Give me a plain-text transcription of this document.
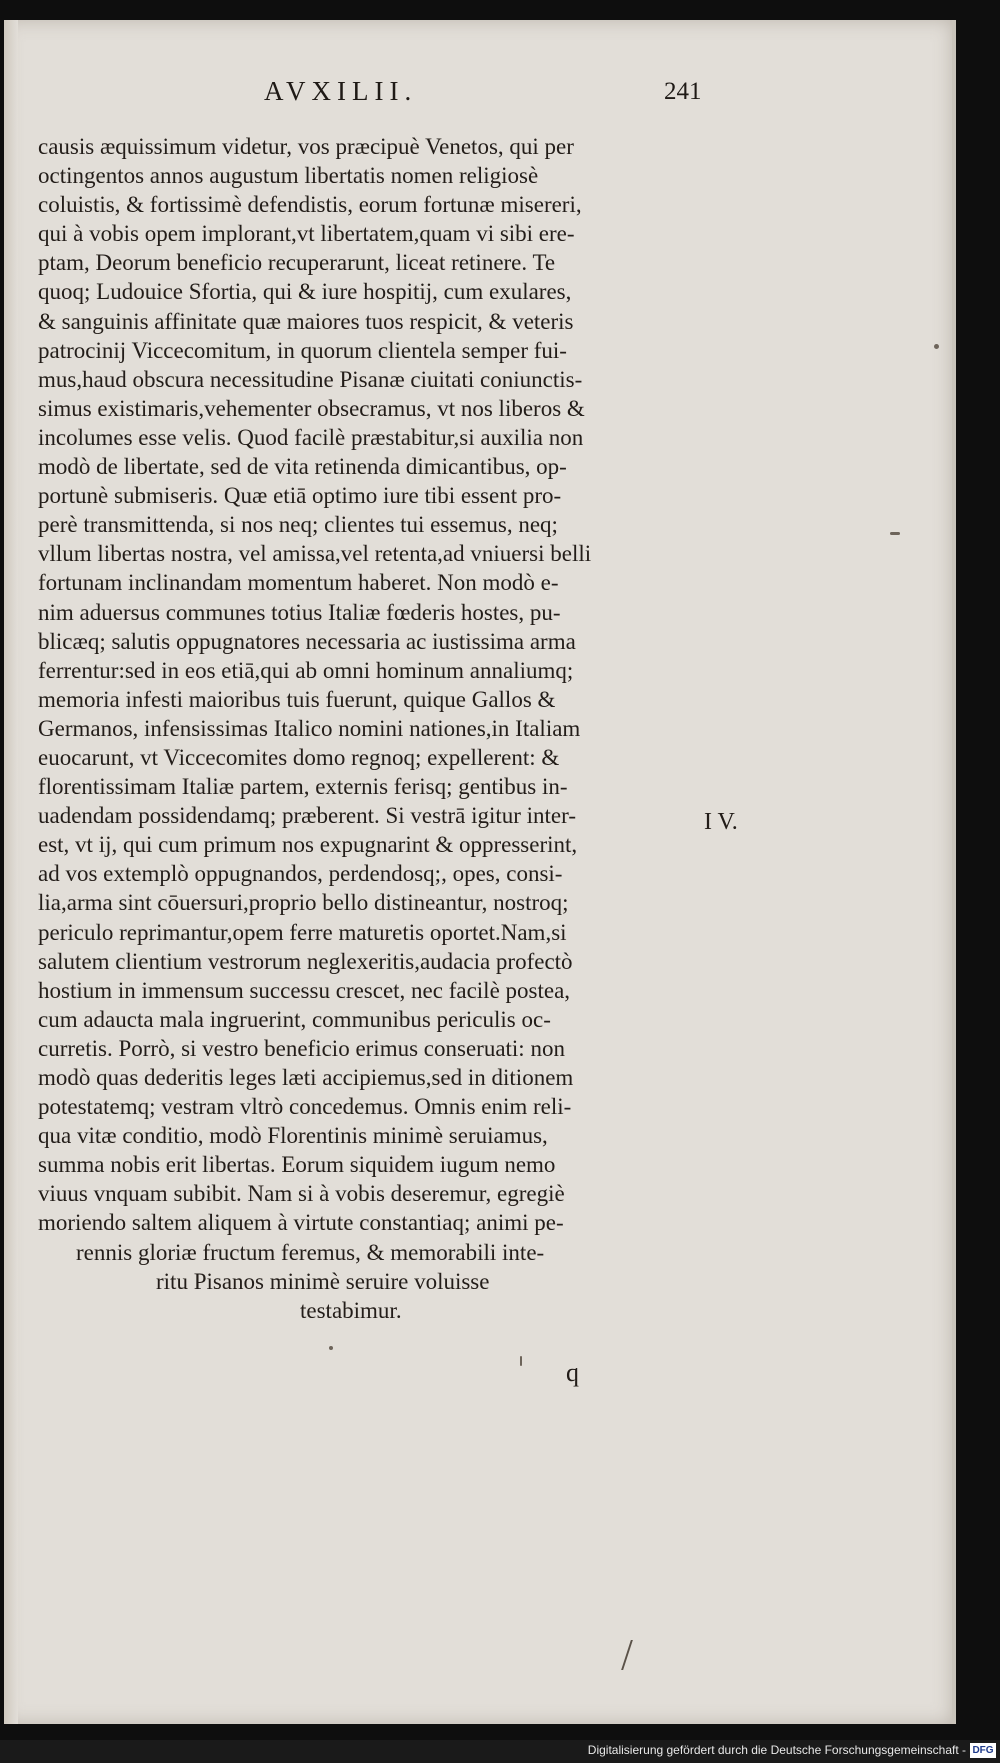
AVXILII.	241
causis æquissimum videtur, vos præcipuè Venetos, qui per
octingentos annos augustum libertatis nomen religiosè
coluistis, & fortissimè defendistis, eorum fortunæ misereri,
qui à vobis opem implorant,vt libertatem,quam vi sibi ere-
ptam, Deorum beneficio recuperarunt, liceat retinere. Te
quoq; Ludouice Sfortia, qui & iure hospitij, cum exulares,
& sanguinis affinitate quæ maiores tuos respicit, & veteris
patrocinij Viccecomitum, in quorum clientela semper fui-
mus,haud obscura necessitudine Pisanæ ciuitati coniunctis-
simus existimaris,vehementer obsecramus, vt nos liberos &
incolumes esse velis. Quod facilè præstabitur,si auxilia non
modò de libertate, sed de vita retinenda dimicantibus, op-
portunè submiseris. Quæ etiā optimo iure tibi essent pro-
perè transmittenda, si nos neq; clientes tui essemus, neq;
vllum libertas nostra, vel amissa,vel retenta,ad vniuersi belli
fortunam inclinandam momentum haberet. Non modò e-
nim aduersus communes totius Italiæ fœderis hostes, pu-
blicæq; salutis oppugnatores necessaria ac iustissima arma
ferrentur:sed in eos etiā,qui ab omni hominum annaliumq;
memoria infesti maioribus tuis fuerunt, quique Gallos &
Germanos, infensissimas Italico nomini nationes,in Italiam
euocarunt, vt Viccecomites domo regnoq; expellerent: &
florentissimam Italiæ partem, externis ferisq; gentibus in-
uadendam possidendamq; præberent. Si vestrā igitur inter-
est, vt ij, qui cum primum nos expugnarint & oppresserint,
ad vos extemplò oppugnandos, perdendosq;, opes, consi-
lia,arma sint cōuersuri,proprio bello distineantur, nostroq;
periculo reprimantur,opem ferre maturetis oportet.Nam,si
salutem clientium vestrorum neglexeritis,audacia profectò
hostium in immensum successu crescet, nec facilè postea,
cum adaucta mala ingruerint, communibus periculis oc-
curretis. Porrò, si vestro beneficio erimus conseruati: non
modò quas dederitis leges læti accipiemus,sed in ditionem
potestatemq; vestram vltrò concedemus. Omnis enim reli-
qua vitæ conditio, modò Florentinis minimè seruiamus,
summa nobis erit libertas. Eorum siquidem iugum nemo
viuus vnquam subibit. Nam si à vobis deseremur, egregiè
moriendo saltem aliquem à virtute constantiaq; animi pe-
rennis gloriæ fructum feremus, & memorabili inte-
ritu Pisanos minimè seruire voluisse
testabimur.
I V.
q
Digitalisierung gefördert durch die Deutsche Forschungsgemeinschaft - DFG
